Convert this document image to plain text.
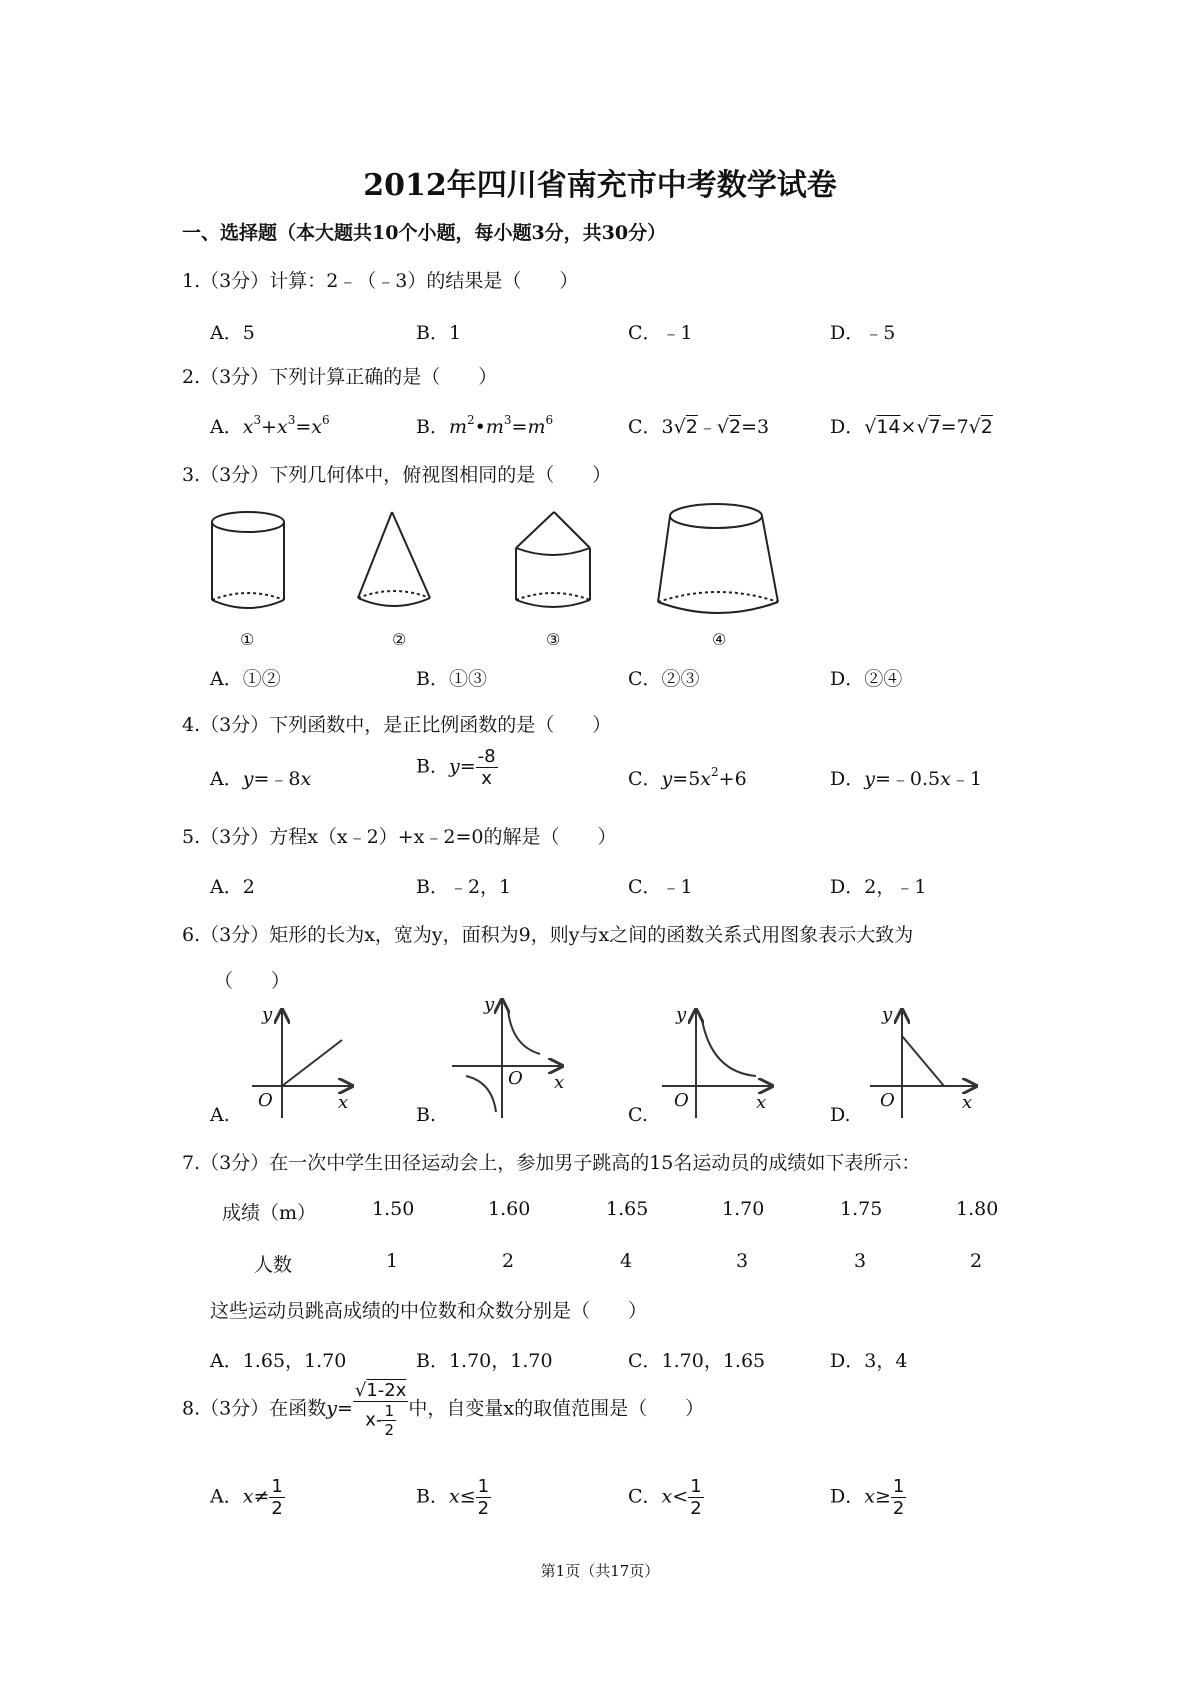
2012年四川省南充市中考数学试卷
一、选择题（本大题共10个小题，每小题3分，共30分）
1.（3分）计算：2﹣（﹣3）的结果是（　　）
A．5	B．1	C．﹣1	D．﹣5
2.（3分）下列计算正确的是（　　）
A．$x^3+x^3=x^6$	B．$m^2•m^3=m^6$	C．3√2﹣√2=3	D．√14×√7=7√2
3.（3分）下列几何体中，俯视图相同的是（　　）
①	②	③	④
A．①②	B．①③	C．②③	D．②④
4.（3分）下列函数中，是正比例函数的是（　　）
A．y=﹣8x
B．$y= \frac{-8}{x}$	C．$y=5x^2+6$	D．y=﹣0.5x﹣1
5.（3分）方程x（x﹣2）+x﹣2=0的解是（　　）
A．2	B．﹣2，1	C．﹣1	D．2，﹣1
6.（3分）矩形的长为x，宽为y，面积为9，则y与x之间的函数关系式用图象表示大致为
（　　）
y
x
O
A.
y
x
O
B.
y
x
O
C.
y
x
O
D.
7.（3分）在一次中学生田径运动会上，参加男子跳高的15名运动员的成绩如下表所示：
成绩（m）	1.50	1.60	1.65	1.70	1.75	1.80
人数	1	2	4	3	3	2
这些运动员跳高成绩的中位数和众数分别是（　　）
A．1.65，1.70	B．1.70，1.70	C．1.70，1.65	D．3，4
8.（3分）在函数$y= \frac{√1-2x}{x- \frac{1}{2}}$ 中，自变量x的取值范围是（　　）
A．$x\ne \frac{1}{2}$	B．$x\le \frac{1}{2}$	C．$x< \frac{1}{2}$	D．$x\ge \frac{1}{2}$
第1页（共17页）
